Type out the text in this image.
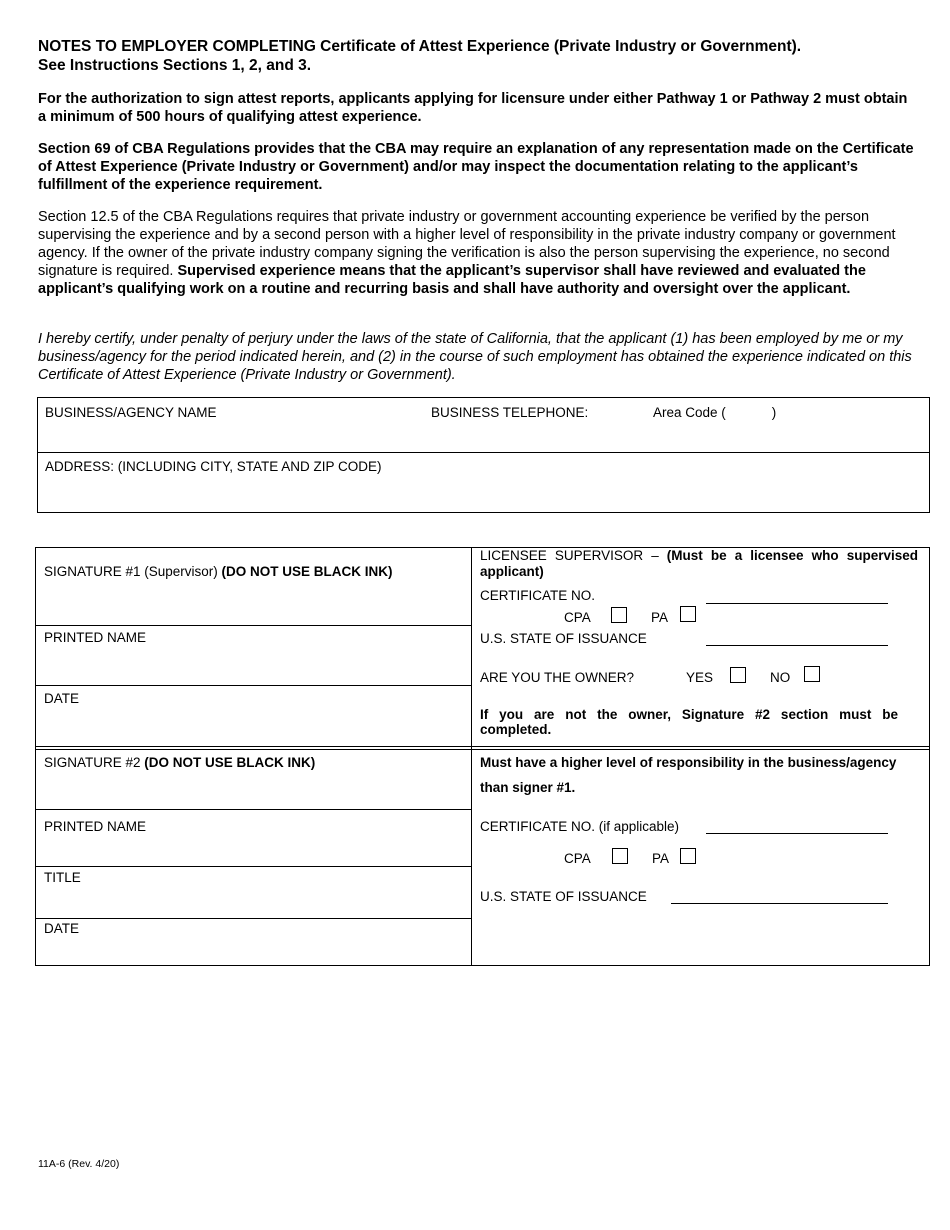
NOTES TO EMPLOYER COMPLETING Certificate of Attest Experience (Private Industry or Government).
See Instructions Sections 1, 2, and 3.
For the authorization to sign attest reports, applicants applying for licensure under either Pathway 1 or Pathway 2 must obtain a minimum of 500 hours of qualifying attest experience.
Section 69 of CBA Regulations provides that the CBA may require an explanation of any representation made on the Certificate of Attest Experience (Private Industry or Government) and/or may inspect the documentation relating to the applicant’s fulfillment of the experience requirement.
Section 12.5 of the CBA Regulations requires that private industry or government accounting experience be verified by the person supervising the experience and by a second person with a higher level of responsibility in the private industry company or government agency. If the owner of the private industry company signing the verification is also the person supervising the experience, no second signature is required. Supervised experience means that the applicant’s supervisor shall have reviewed and evaluated the applicant’s qualifying work on a routine and recurring basis and shall have authority and oversight over the applicant.
I hereby certify, under penalty of perjury under the laws of the state of California, that the applicant (1) has been employed by me or my business/agency for the period indicated herein, and (2) in the course of such employment has obtained the experience indicated on this Certificate of Attest Experience (Private Industry or Government).
BUSINESS/AGENCY NAME	BUSINESS TELEPHONE:	Area Code (	)
ADDRESS: (INCLUDING CITY, STATE AND ZIP CODE)
SIGNATURE #1 (Supervisor) (DO NOT USE BLACK INK)
PRINTED NAME
DATE
LICENSEE SUPERVISOR – (Must be a licensee who supervised applicant)
CERTIFICATE NO.
CPA	PA
U.S. STATE OF ISSUANCE
ARE YOU THE OWNER?	YES	NO
If you are not the owner, Signature #2 section must be completed.
SIGNATURE #2 (DO NOT USE BLACK INK)
PRINTED NAME
TITLE
DATE
Must have a higher level of responsibility in the business/agency
than signer #1.
CERTIFICATE NO. (if applicable)
CPA	PA
U.S. STATE OF ISSUANCE
11A-6 (Rev. 4/20)
